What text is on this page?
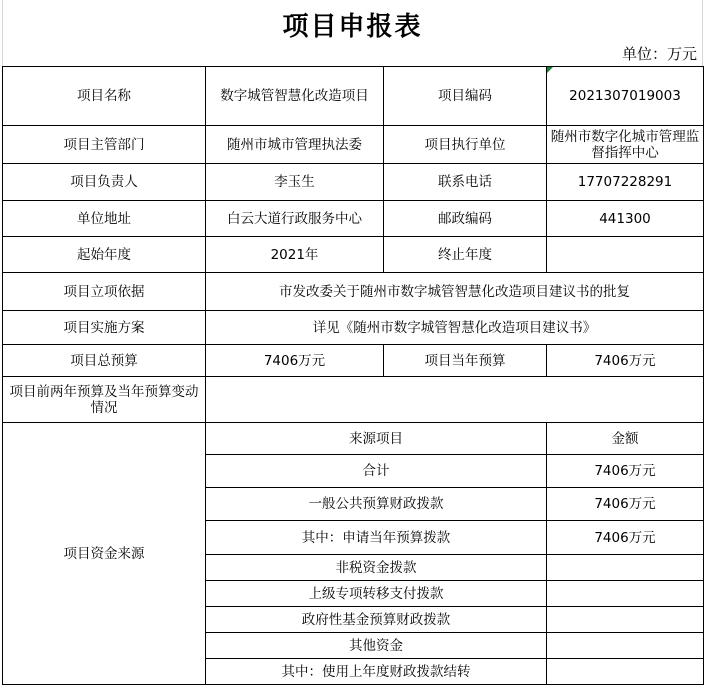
项目申报表
单位：万元
项目名称	数字城管智慧化改造项目	项目编码	2021307019003
项目主管部门	随州市城市管理执法委	项目执行单位	随州市数字化城市管理监督指挥中心
项目负责人	李玉生	联系电话	17707228291
单位地址	白云大道行政服务中心	邮政编码	441300
起始年度	2021年	终止年度	
项目立项依据	市发改委关于随州市数字城管智慧化改造项目建议书的批复		
项目实施方案	详见《随州市数字城管智慧化改造项目建议书》		
项目总预算	7406万元	项目当年预算	7406万元
项目前两年预算及当年预算变动情况			
项目资金来源	来源项目		金额
	合计		7406万元
	一般公共预算财政拨款		7406万元
	其中：申请当年预算拨款		7406万元
	非税资金拨款		
	上级专项转移支付拨款		
	政府性基金预算财政拨款		
	其他资金		
	其中：使用上年度财政拨款结转		
